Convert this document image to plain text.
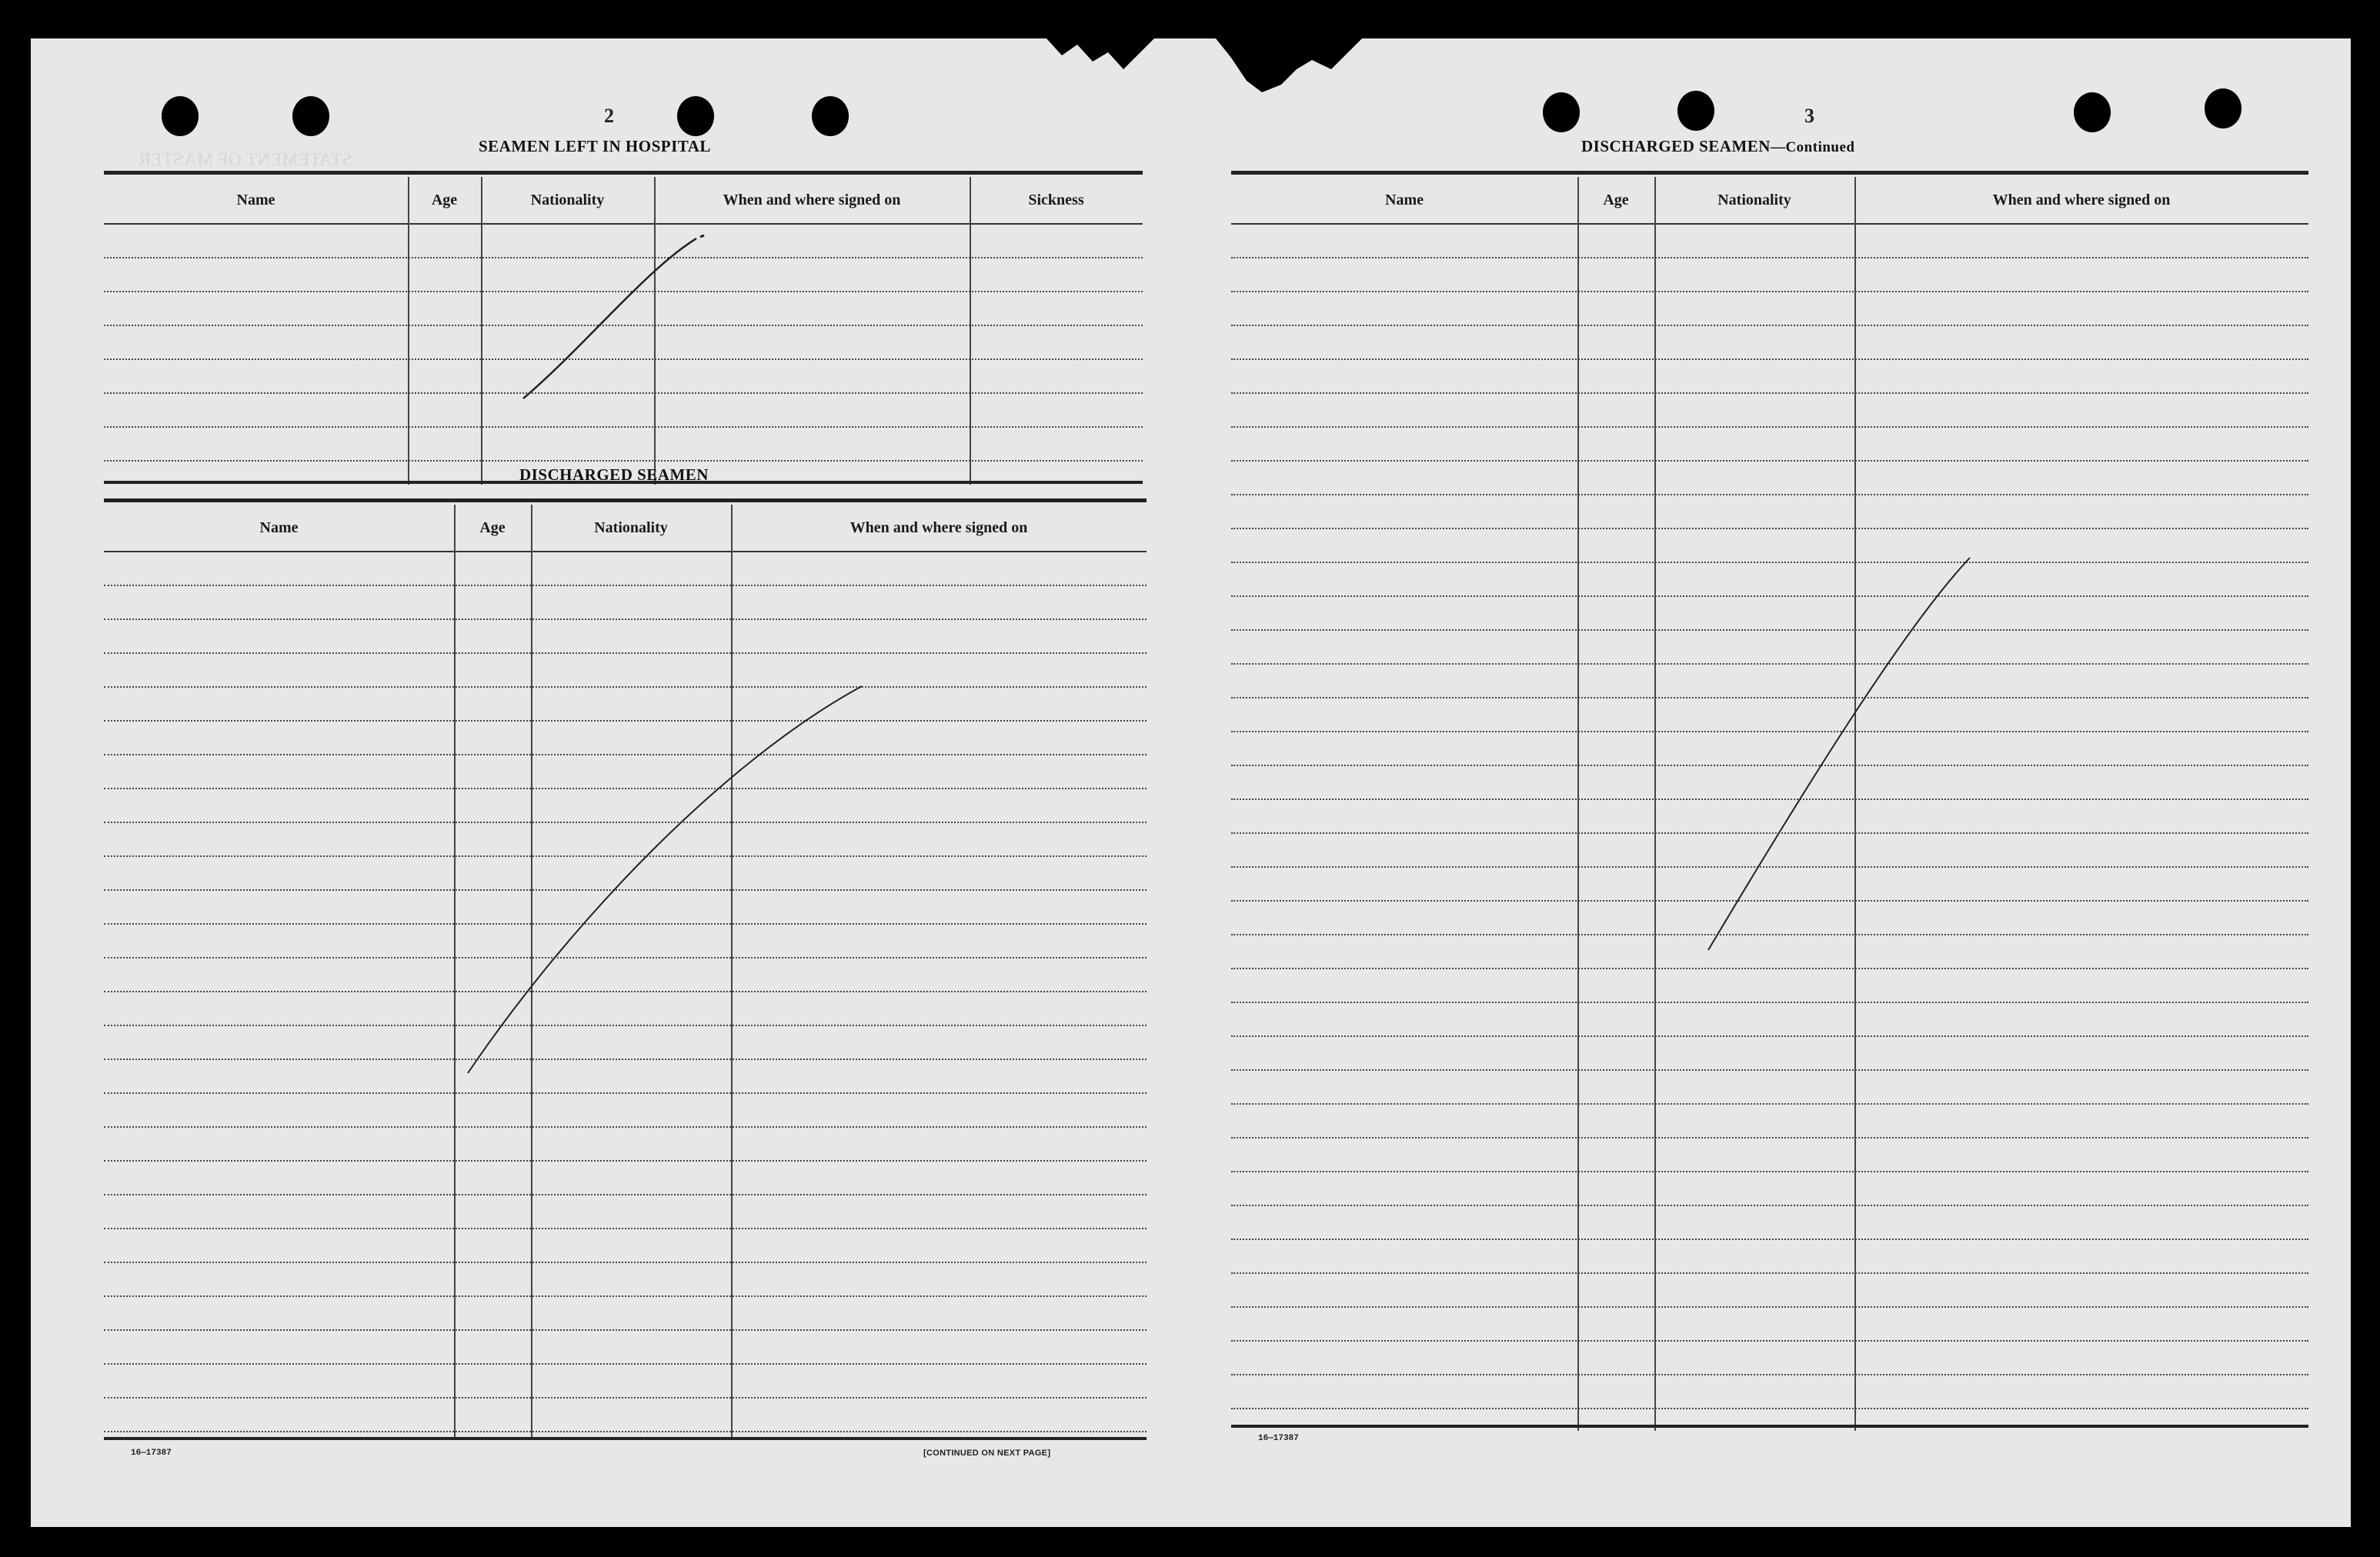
STATEMENT OF MASTER
2
SEAMEN LEFT IN HOSPITAL
Name	Age	Nationality	When and where signed on	Sickness
DISCHARGED SEAMEN
Name	Age	Nationality	When and where signed on
16—17387	[CONTINUED ON NEXT PAGE]
3
DISCHARGED SEAMEN—Continued
Name	Age	Nationality	When and where signed on
16—17387
